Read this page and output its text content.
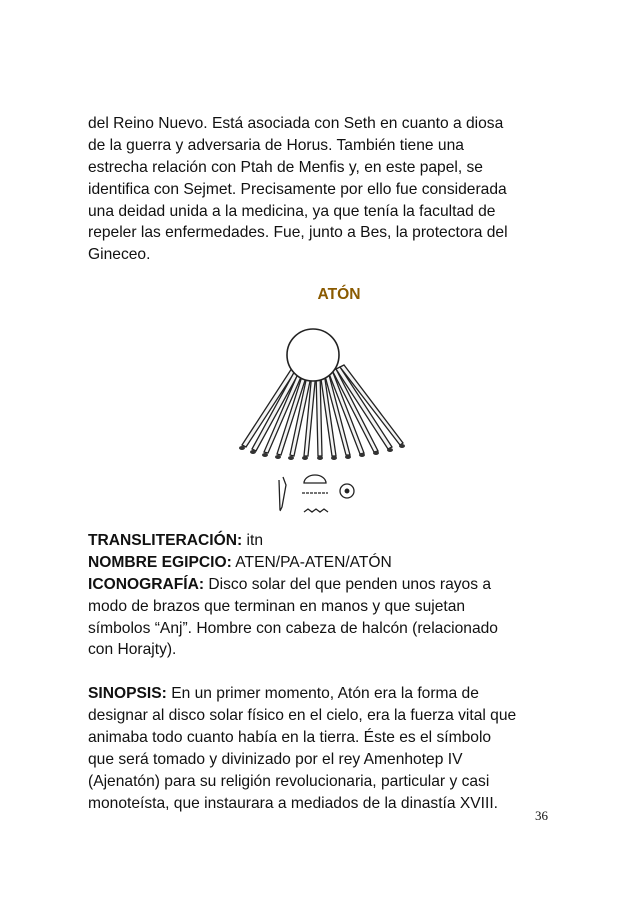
del Reino Nuevo. Está asociada con Seth en cuanto a diosa
de la guerra y adversaria de Horus. También tiene una
estrecha relación con Ptah de Menfis y, en este papel, se
identifica con Sejmet. Precisamente por ello fue considerada
una deidad unida a la medicina, ya que tenía la facultad de
repeler las enfermedades. Fue, junto a Bes, la protectora del
Gineceo.
ATÓN
TRANSLITERACIÓN: itn
NOMBRE EGIPCIO: ATEN/PA-ATEN/ATÓN
ICONOGRAFÍA: Disco solar del que penden unos rayos a
modo de brazos que terminan en manos y que sujetan
símbolos “Anj”. Hombre con cabeza de halcón (relacionado
con Horajty).
SINOPSIS: En un primer momento, Atón era la forma de
designar al disco solar físico en el cielo, era la fuerza vital que
animaba todo cuanto había en la tierra. Éste es el símbolo
que será tomado y divinizado por el rey Amenhotep IV
(Ajenatón) para su religión revolucionaria, particular y casi
monoteísta, que instaurara a mediados de la dinastía XVIII.
36
